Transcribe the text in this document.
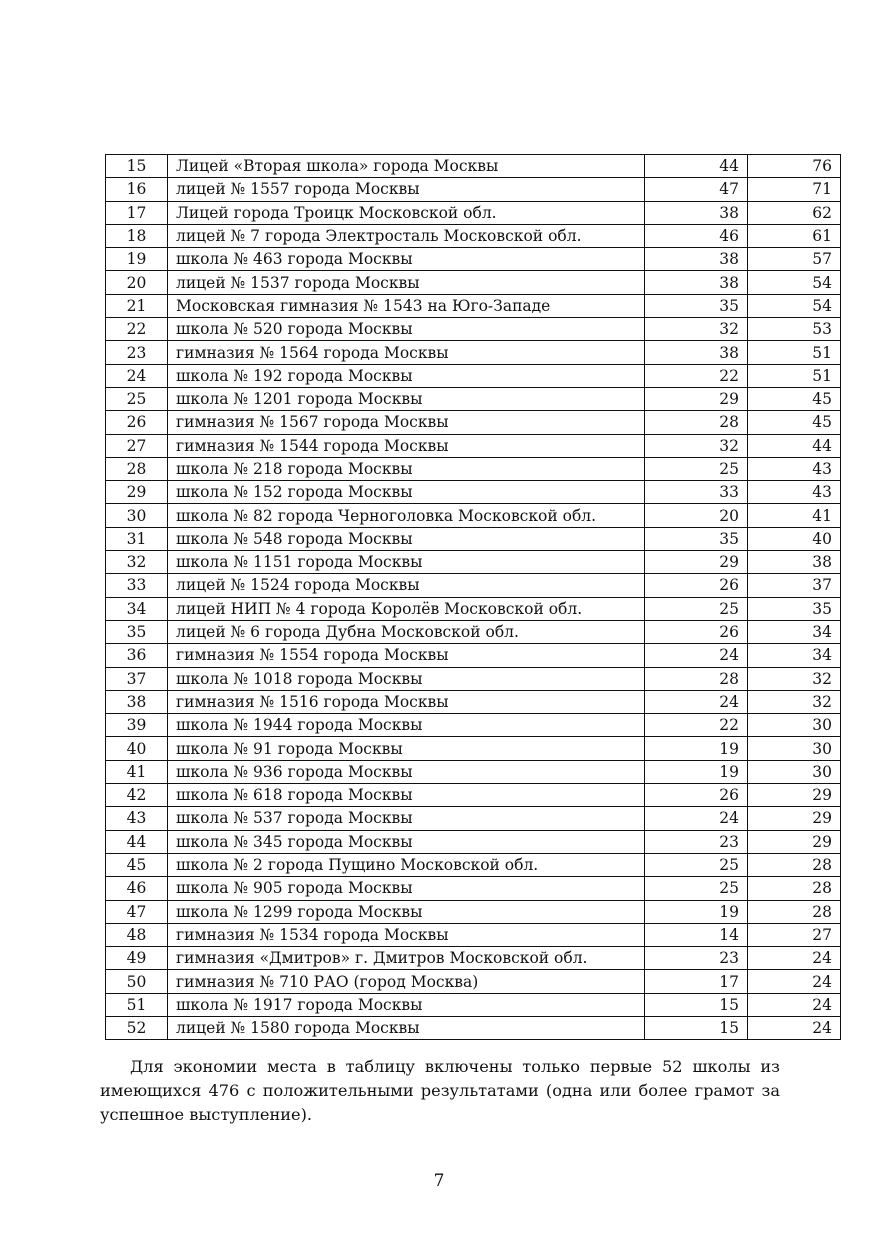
15	Лицей «Вторая школа» города Москвы	44	76
16	лицей № 1557 города Москвы	47	71
17	Лицей города Троицк Московской обл.	38	62
18	лицей № 7 города Электросталь Московской обл.	46	61
19	школа № 463 города Москвы	38	57
20	лицей № 1537 города Москвы	38	54
21	Московская гимназия № 1543 на Юго-Западе	35	54
22	школа № 520 города Москвы	32	53
23	гимназия № 1564 города Москвы	38	51
24	школа № 192 города Москвы	22	51
25	школа № 1201 города Москвы	29	45
26	гимназия № 1567 города Москвы	28	45
27	гимназия № 1544 города Москвы	32	44
28	школа № 218 города Москвы	25	43
29	школа № 152 города Москвы	33	43
30	школа № 82 города Черноголовка Московской обл.	20	41
31	школа № 548 города Москвы	35	40
32	школа № 1151 города Москвы	29	38
33	лицей № 1524 города Москвы	26	37
34	лицей НИП № 4 города Королёв Московской обл.	25	35
35	лицей № 6 города Дубна Московской обл.	26	34
36	гимназия № 1554 города Москвы	24	34
37	школа № 1018 города Москвы	28	32
38	гимназия № 1516 города Москвы	24	32
39	школа № 1944 города Москвы	22	30
40	школа № 91 города Москвы	19	30
41	школа № 936 города Москвы	19	30
42	школа № 618 города Москвы	26	29
43	школа № 537 города Москвы	24	29
44	школа № 345 города Москвы	23	29
45	школа № 2 города Пущино Московской обл.	25	28
46	школа № 905 города Москвы	25	28
47	школа № 1299 города Москвы	19	28
48	гимназия № 1534 города Москвы	14	27
49	гимназия «Дмитров» г. Дмитров Московской обл.	23	24
50	гимназия № 710 РАО (город Москва)	17	24
51	школа № 1917 города Москвы	15	24
52	лицей № 1580 города Москвы	15	24

Для экономии места в таблицу включены только первые 52 школы из имеющихся 476 с положительными результатами (одна или более грамот за успешное выступление).

7
